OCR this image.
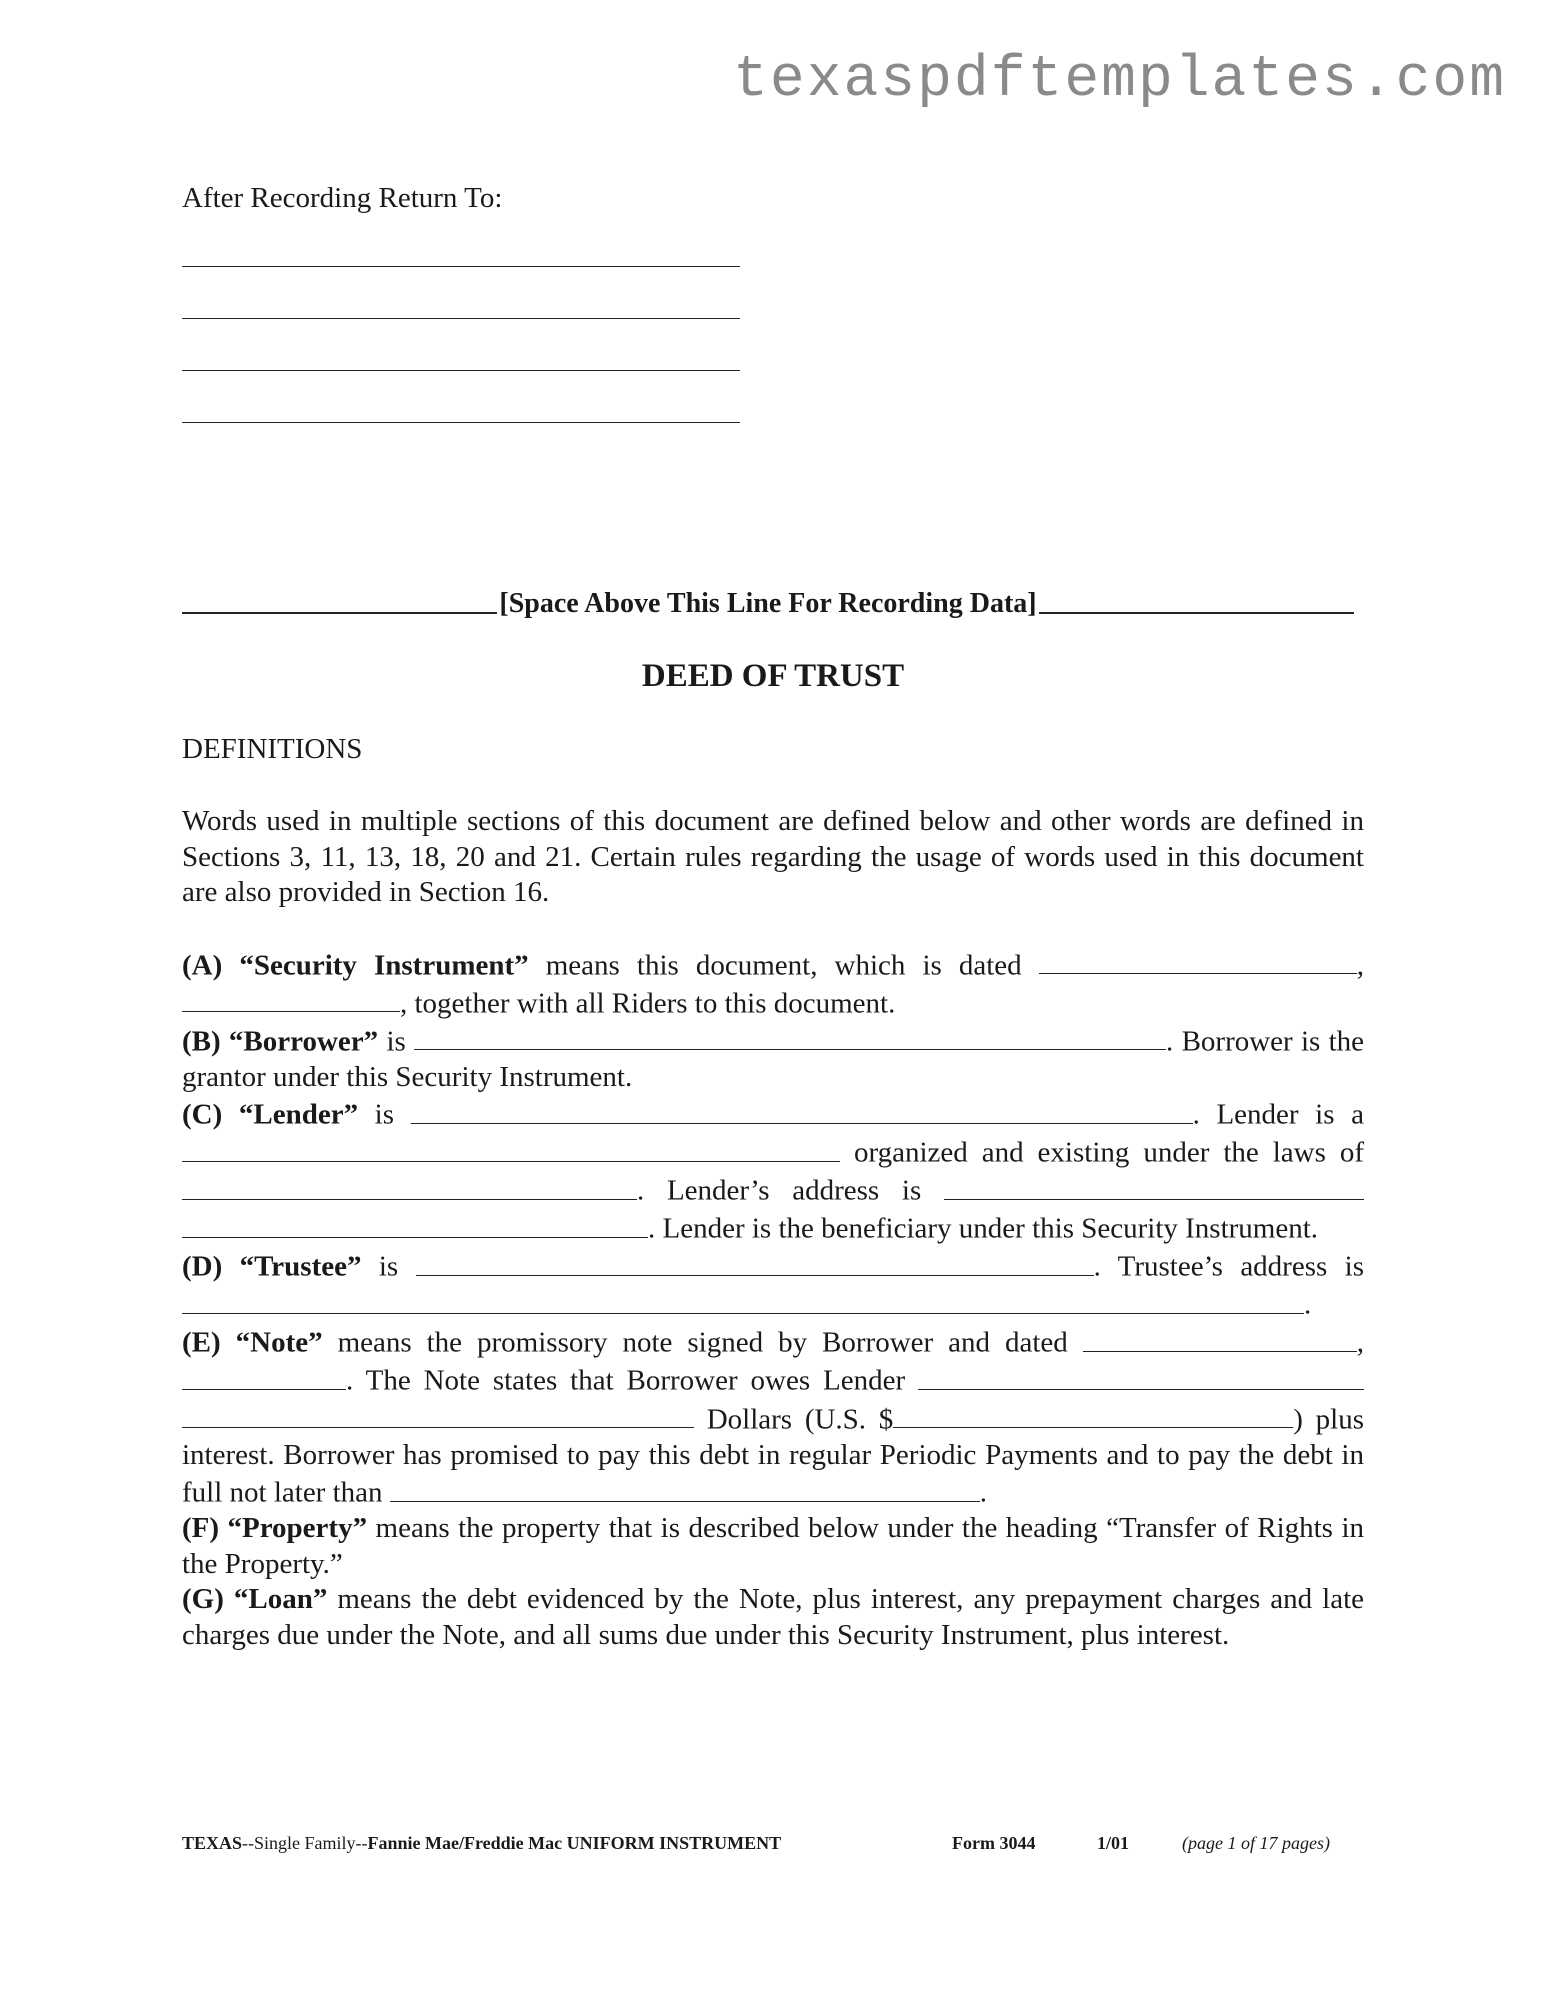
texaspdftemplates.com
After Recording Return To:
[Space Above This Line For Recording Data]
DEED OF TRUST
DEFINITIONS

Words used in multiple sections of this document are defined below and other words are defined in Sections 3, 11, 13, 18, 20 and 21. Certain rules regarding the usage of words used in this document are also provided in Section 16.

(A) “Security Instrument” means this document, which is dated	, , together with all Riders to this document.

(B) “Borrower” is	. Borrower is the grantor under this Security Instrument.

(C) “Lender” is	. Lender is a  organized and existing under the laws of . Lender’s address is  . Lender is the beneficiary under this Security Instrument.

(D) “Trustee” is	. Trustee’s address is .

(E) “Note” means the promissory note signed by Borrower and dated	, . The Note states that Borrower owes Lender   Dollars (U.S. $	) plus interest. Borrower has promised to pay this debt in regular Periodic Payments and to pay the debt in full not later than	.

(F) “Property” means the property that is described below under the heading “Transfer of Rights in the Property.”

(G) “Loan” means the debt evidenced by the Note, plus interest, any prepayment charges and late charges due under the Note, and all sums due under this Security Instrument, plus interest.

TEXAS--Single Family--Fannie Mae/Freddie Mac UNIFORM INSTRUMENT	Form 3044	1/01	(page 1 of 17 pages)
